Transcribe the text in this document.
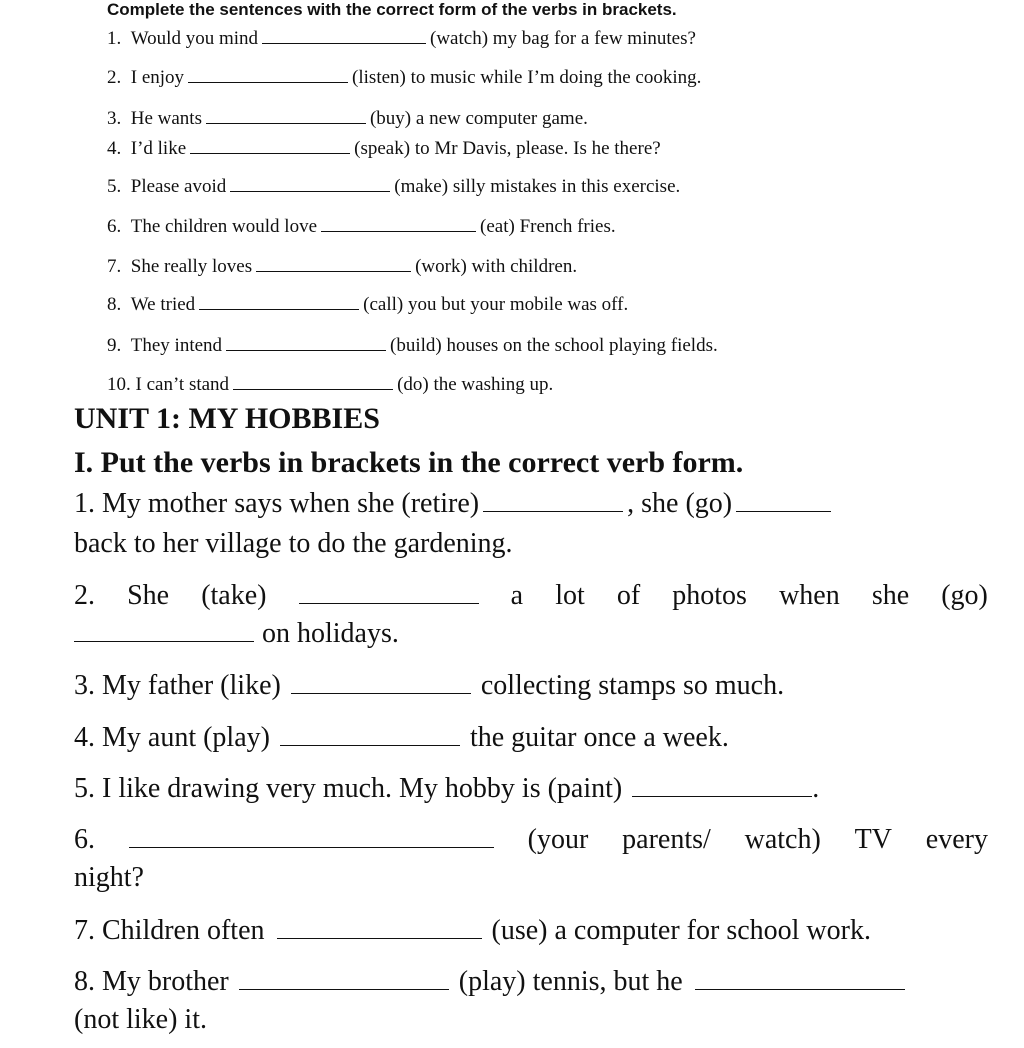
Complete the sentences with the correct form of the verbs in brackets.
1. Would you mind	(watch) my bag for a few minutes?
2. I enjoy	(listen) to music while I’m doing the cooking.
3. He wants	(buy) a new computer game.
4. I’d like	(speak) to Mr Davis, please. Is he there?
5. Please avoid	(make) silly mistakes in this exercise.
6. The children would love	(eat) French fries.
7. She really loves	(work) with children.
8. We tried	(call) you but your mobile was off.
9. They intend	(build) houses on the school playing fields.
10. I can’t stand	(do) the washing up.
UNIT 1: MY HOBBIES
I. Put the verbs in brackets in the correct verb form.
1. My mother says when she (retire)	, she (go)
back to her village to do the gardening.
2. She (take)	a lot of photos when she (go)
on holidays.
3. My father (like)	collecting stamps so much.
4. My aunt (play)	the guitar once a week.
5. I like drawing very much. My hobby is (paint)	.
6.	(your parents/ watch) TV every
night?
7. Children often	(use) a computer for school work.
8. My brother	(play) tennis, but he
(not like) it.
